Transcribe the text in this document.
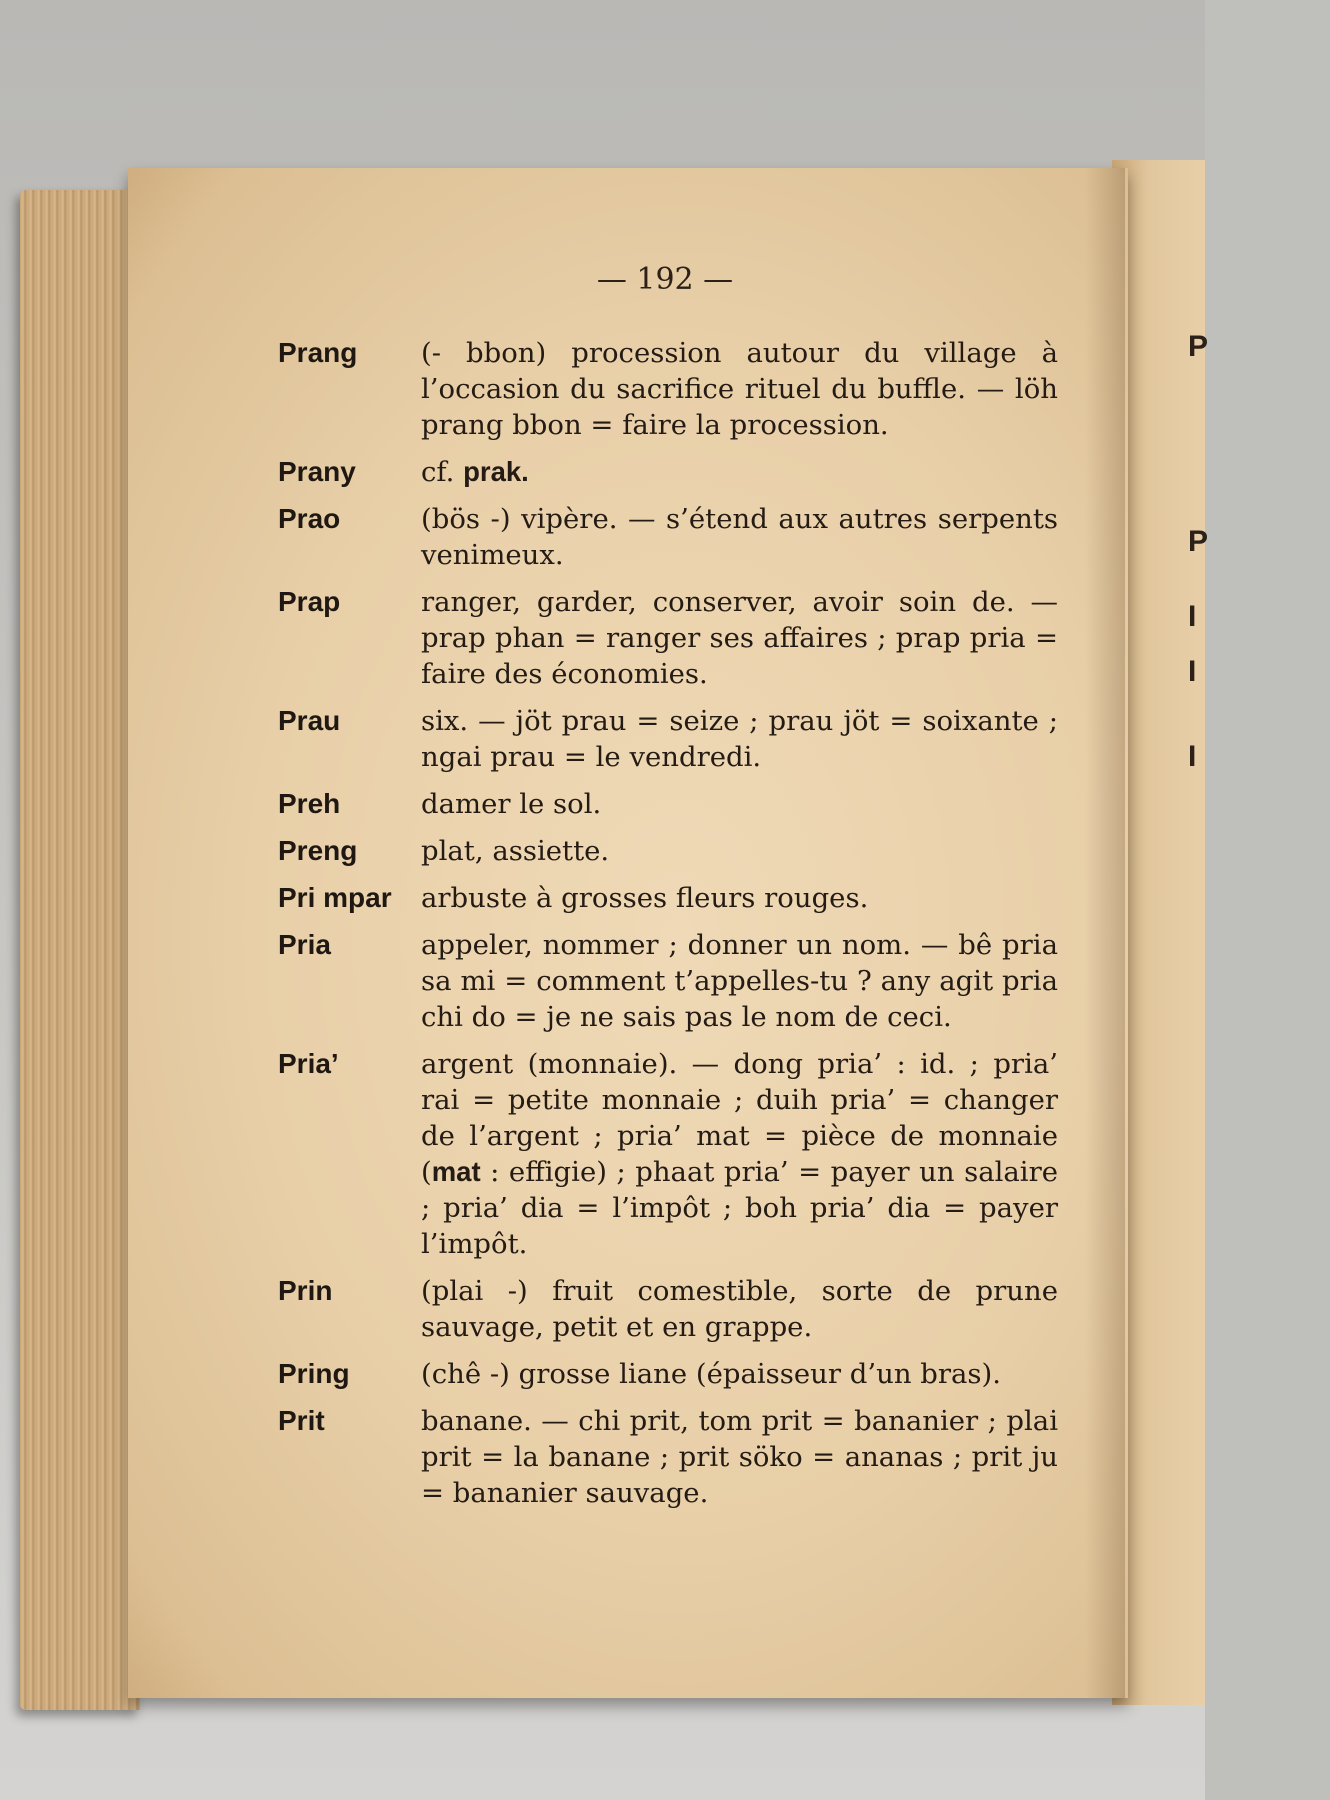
P
P
I
I
I
— 192 —
Prang	(- bbon) procession autour du village à l’occasion du sacrifice rituel du buffle. — löh prang bbon = faire la procession.
Prany	cf. prak.
Prao	(bös -) vipère. — s’étend aux autres serpents venimeux.
Prap	ranger, garder, conserver, avoir soin de. — prap phan = ranger ses affaires ; prap pria = faire des économies.
Prau	six. — jöt prau = seize ; prau jöt = soixante ; ngai prau = le vendredi.
Preh	damer le sol.
Preng	plat, assiette.
Pri mpar	arbuste à grosses fleurs rouges.
Pria	appeler, nommer ; donner un nom. — bê pria sa mi = comment t’appelles-tu ? any agit pria chi do = je ne sais pas le nom de ceci.
Pria’	argent (monnaie). — dong pria’ : id. ; pria’ rai = petite monnaie ; duih pria’ = changer de l’argent ; pria’ mat = pièce de monnaie (mat : effigie) ; phaat pria’ = payer un salaire ; pria’ dia = l’impôt ; boh pria’ dia = payer l’impôt.
Prin	(plai -) fruit comestible, sorte de prune sauvage, petit et en grappe.
Pring	(chê -) grosse liane (épaisseur d’un bras).
Prit	banane. — chi prit, tom prit = bananier ; plai prit = la banane ; prit söko = ananas ; prit ju = bananier sauvage.
